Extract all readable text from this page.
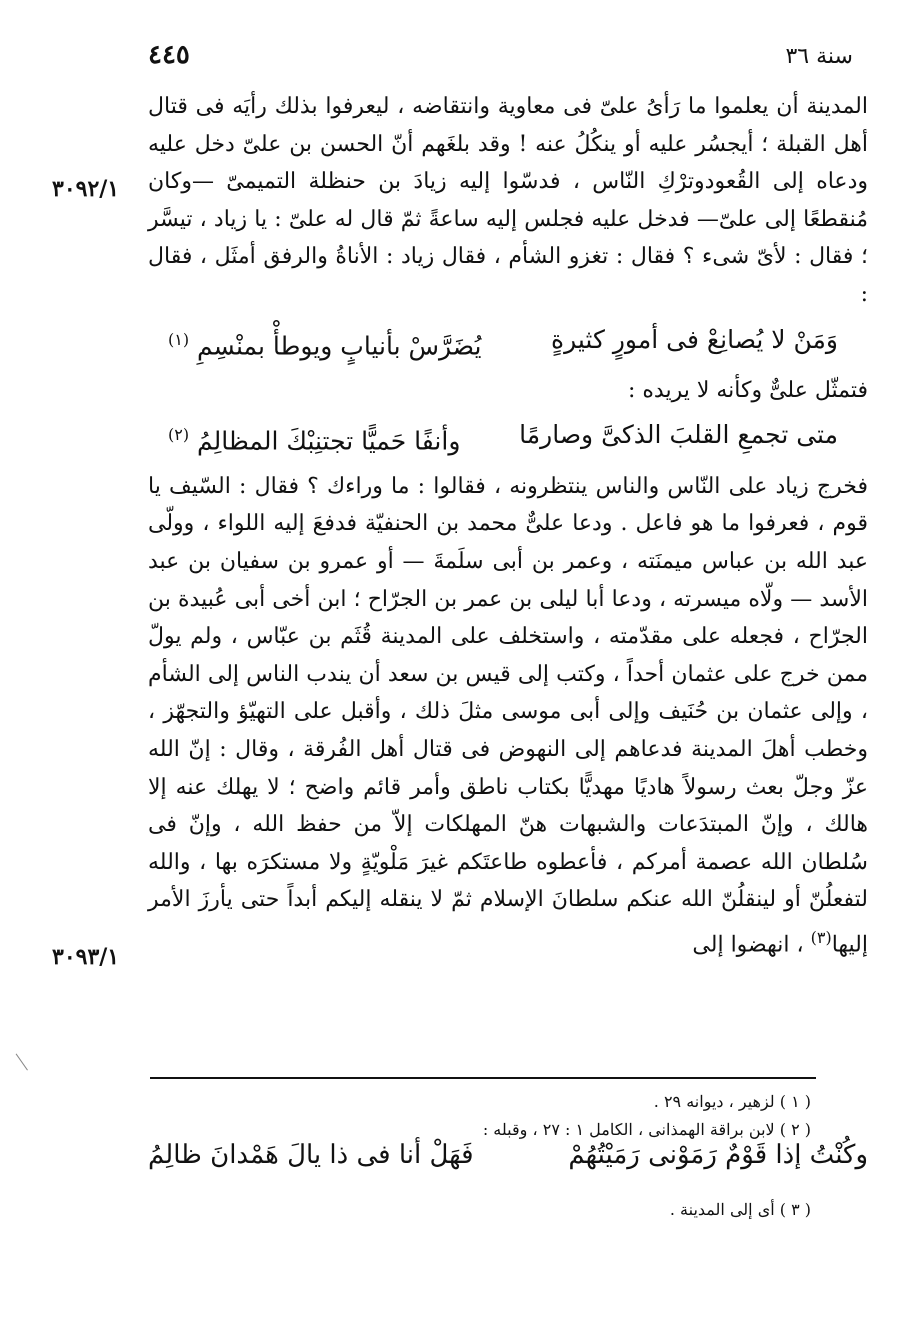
٤٤٥	سنة ٣٦
٣٠٩٢/١
٣٠٩٣/١

المدينة أن يعلموا ما رَأىُ علىّ فى معاوية وانتقاضه ، ليعرفوا بذلك رأيَه فى قتال أهل القبلة ؛ أيجسُر عليه أو ينكُلُ عنه ! وقد بلغَهم أنّ الحسن بن علىّ دخل عليه ودعاه إلى القُعودوترْكِ النّاس ، فدسّوا إليه زيادَ بن حنظلة التميمىّ —وكان مُنقطعًا إلى علىّ— فدخل عليه فجلس إليه ساعةً ثمّ قال له علىّ : يا زياد ، تيسَّر ؛ فقال : لأىّ شىء ؟ فقال : تغزو الشأم ، فقال زياد : الأناةُ والرفق أمثَل ، فقال :

وَمَنْ لا يُصانِعْ فى أمورٍ كثيرةٍ
يُضَرَّسْ بأنيابٍ ويوطأْ بمنْسِمِ $^{(١)}$

فتمثّل علىٌّ وكأنه لا يريده :

متى تجمعِ القلبَ الذكىَّ وصارمًا
وأنفًا حَميًّا تجتنِبْكَ المظالِمُ $^{(٢)}$

فخرج زياد على النّاس والناس ينتظرونه ، فقالوا : ما وراءك ؟ فقال : السّيف يا قوم ، فعرفوا ما هو فاعل . ودعا علىٌّ محمد بن الحنفيّة فدفعَ إليه اللواء ، وولّى عبد الله بن عباس ميمنَته ، وعمر بن أبى سلَمةَ — أو عمرو بن سفيان بن عبد الأسد — ولّاه ميسرته ، ودعا أبا ليلى بن عمر بن الجرّاح ؛ ابن أخى أبى عُبيدة بن الجرّاح ، فجعله على مقدّمته ، واستخلف على المدينة قُثَم بن عبّاس ، ولم يولّ ممن خرج على عثمان أحداً ، وكتب إلى قيس بن سعد أن يندب الناس إلى الشأم ، وإلى عثمان بن حُنَيف وإلى أبى موسى مثلَ ذلك ، وأقبل على التهيّؤ والتجهّز ، وخطب أهلَ المدينة فدعاهم إلى النهوض فى قتال أهل الفُرقة ، وقال : إنّ الله عزّ وجلّ بعث رسولاً هاديًا مهديًّا بكتاب ناطق وأمر قائم واضح ؛ لا يهلك عنه إلا هالك ، وإنّ المبتدَعات والشبهات هنّ المهلكات إلاّ من حفظ الله ، وإنّ فى سُلطان الله عصمة أمركم ، فأعطوه طاعتَكم غيرَ مَلْويّةٍ ولا مستكرَه بها ، والله لتفعلُنّ أو لينقلُنّ الله عنكم سلطانَ الإسلام ثمّ لا ينقله إليكم أبداً حتى يأرزَ الأمر إليها$^{(٣)}$ ، انهضوا إلى

( ١ ) لزهير ، ديوانه ٢٩ .
( ٢ ) لابن براقة الهمذانى ، الكامل ١ : ٢٧ ، وقبله :
وكُنْتُ إذا قَوْمٌ رَمَوْنى رَمَيْتُهُمْ
فَهَلْ أنا فى ذا يالَ هَمْدانَ ظالِمُ
( ٣ ) أى إلى المدينة .
